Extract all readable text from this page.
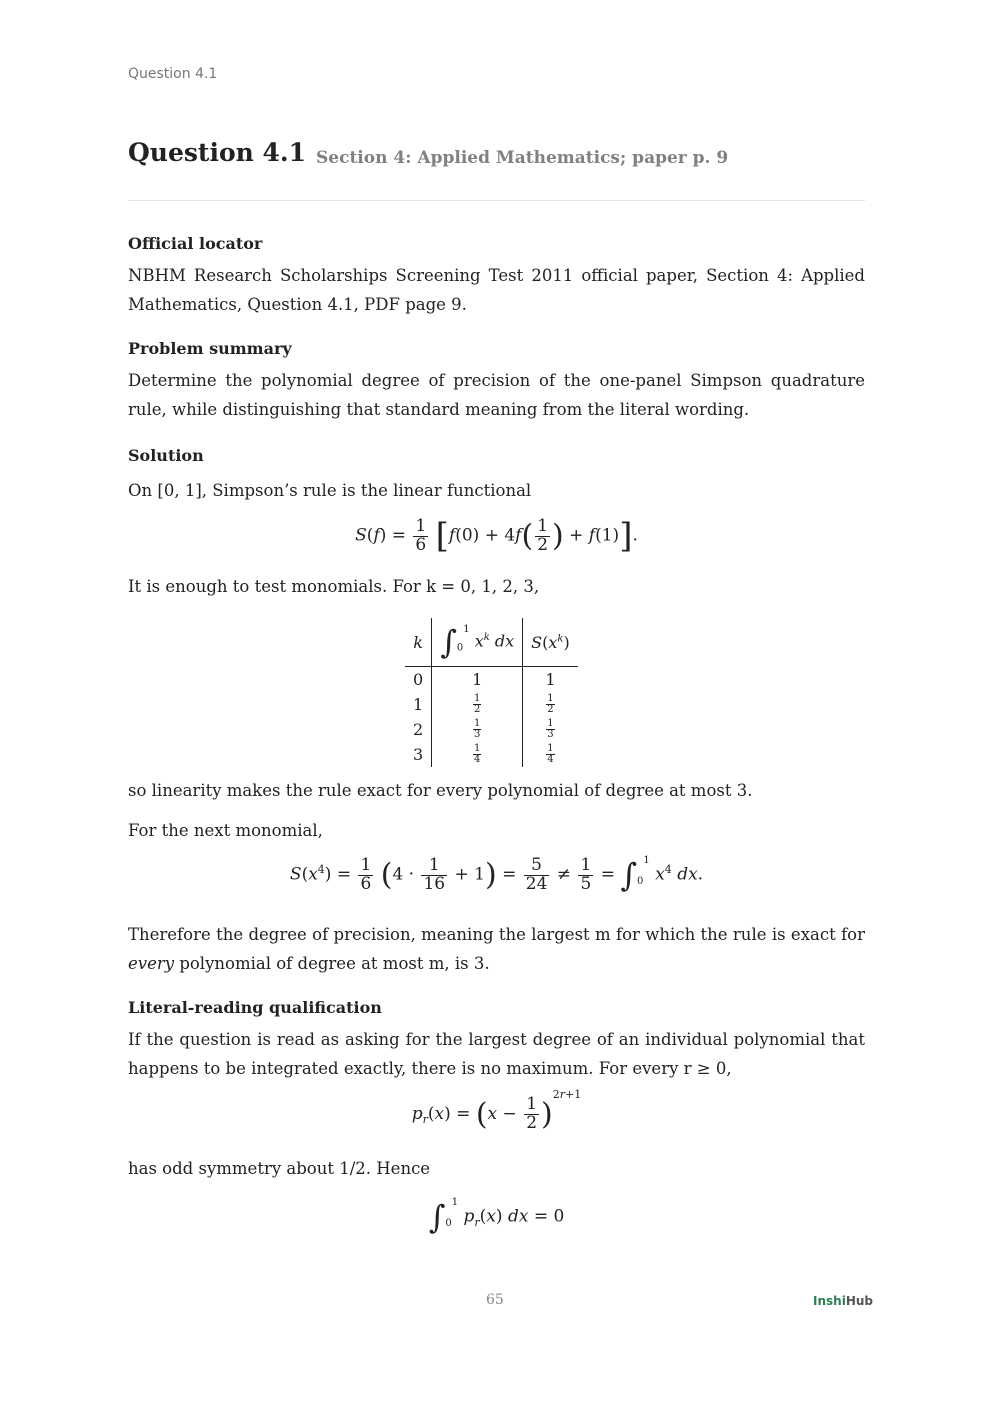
Question 4.1
Question 4.1 Section 4: Applied Mathematics; paper p. 9
Official locator
NBHM Research Scholarships Screening Test 2011 official paper, Section 4: Applied Mathematics, Question 4.1, PDF page 9.
Problem summary
Determine the polynomial degree of precision of the one-panel Simpson quadrature rule, while distinguishing that standard meaning from the literal wording.
Solution
On [0, 1], Simpson’s rule is the linear functional
$S(f) = \frac{1}{6} [f(0) + 4f( \frac{1}{2}$ ) + f(1)].
It is enough to test monomials. For k = 0, 1, 2, 3,
k	$\int_0^1$ $x^k$ dx	$S(x^k)$
0	1	1
1	$\frac{1}{2}$	$\frac{1}{2}$

2	$\frac{1}{3}$	$\frac{1}{3}$

3	$\frac{1}{4}$	$\frac{1}{4}$
so linearity makes the rule exact for every polynomial of degree at most 3.
For the next monomial,
$S(x^4) = \frac{1}{6} (4 \cdot \frac{1}{16} + 1) = \frac{5}{24} \ne \frac{1}{5} = \int_0^1$ $x^4$ dx.
Therefore the degree of precision, meaning the largest m for which the rule is exact for every polynomial of degree at most m, is 3.
Literal-reading qualification
If the question is read as asking for the largest degree of an individual polynomial that happens to be integrated exactly, there is no maximum. For every r ≥ 0,
$p_r(x) = (x - \frac{1}{2} )^{2r+1}$
has odd symmetry about 1/2. Hence
$\int_0^1$ $p_r(x)$ dx = 0
65	InshiHub
